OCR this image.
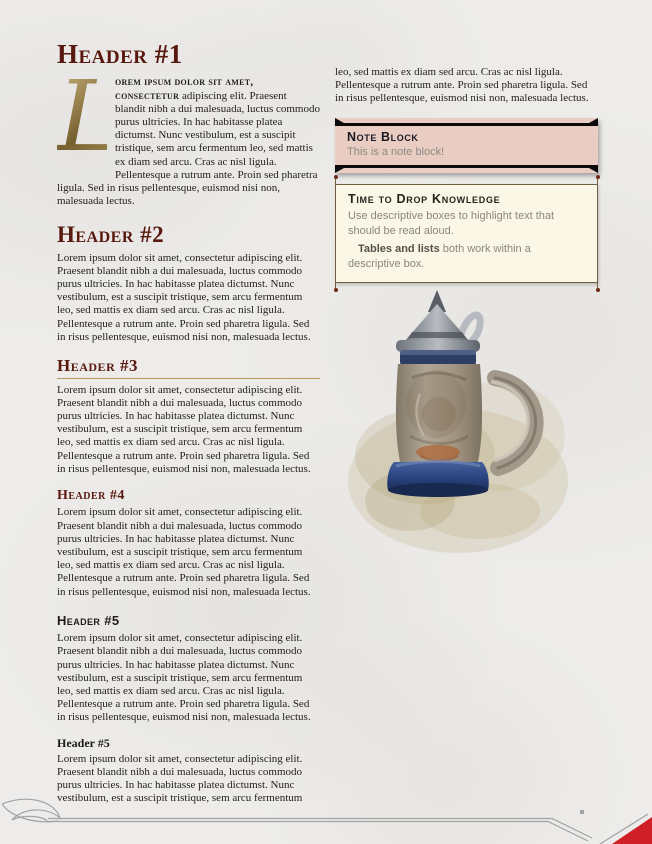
Header #1

L
orem ipsum dolor sit amet, consectetur adipiscing elit. Praesent blandit nibh a dui malesuada, luctus commodo purus ultricies. In hac habitasse platea dictumst. Nunc vestibulum, est a suscipit tristique, sem arcu fermentum leo, sed mattis ex diam sed arcu. Cras ac nisl ligula. Pellentesque a rutrum ante. Proin sed pharetra ligula. Sed in risus pellentesque, euismod nisi non, malesuada lectus.

Header #2

Lorem ipsum dolor sit amet, consectetur adipiscing elit. Praesent blandit nibh a dui malesuada, luctus commodo purus ultricies. In hac habitasse platea dictumst. Nunc vestibulum, est a suscipit tristique, sem arcu fermentum leo, sed mattis ex diam sed arcu. Cras ac nisl ligula. Pellentesque a rutrum ante. Proin sed pharetra ligula. Sed in risus pellentesque, euismod nisi non, malesuada lectus.

Header #3

Lorem ipsum dolor sit amet, consectetur adipiscing elit. Praesent blandit nibh a dui malesuada, luctus commodo purus ultricies. In hac habitasse platea dictumst. Nunc vestibulum, est a suscipit tristique, sem arcu fermentum leo, sed mattis ex diam sed arcu. Cras ac nisl ligula. Pellentesque a rutrum ante. Proin sed pharetra ligula. Sed in risus pellentesque, euismod nisi non, malesuada lectus.

Header #4

Lorem ipsum dolor sit amet, consectetur adipiscing elit. Praesent blandit nibh a dui malesuada, luctus commodo purus ultricies. In hac habitasse platea dictumst. Nunc vestibulum, est a suscipit tristique, sem arcu fermentum leo, sed mattis ex diam sed arcu. Cras ac nisl ligula. Pellentesque a rutrum ante. Proin sed pharetra ligula. Sed in risus pellentesque, euismod nisi non, malesuada lectus.

Header #5

Lorem ipsum dolor sit amet, consectetur adipiscing elit. Praesent blandit nibh a dui malesuada, luctus commodo purus ultricies. In hac habitasse platea dictumst. Nunc vestibulum, est a suscipit tristique, sem arcu fermentum leo, sed mattis ex diam sed arcu. Cras ac nisl ligula. Pellentesque a rutrum ante. Proin sed pharetra ligula. Sed in risus pellentesque, euismod nisi non, malesuada lectus.

Header #5

Lorem ipsum dolor sit amet, consectetur adipiscing elit. Praesent blandit nibh a dui malesuada, luctus commodo purus ultricies. In hac habitasse platea dictumst. Nunc vestibulum, est a suscipit tristique, sem arcu fermentum

leo, sed mattis ex diam sed arcu. Cras ac nisl ligula. Pellentesque a rutrum ante. Proin sed pharetra ligula. Sed in risus pellentesque, euismod nisi non, malesuada lectus.

Note Block
This is a note block!
Time to Drop Knowledge
Use descriptive boxes to highlight text that should be read aloud.
Tables and lists both work within a descriptive box.
